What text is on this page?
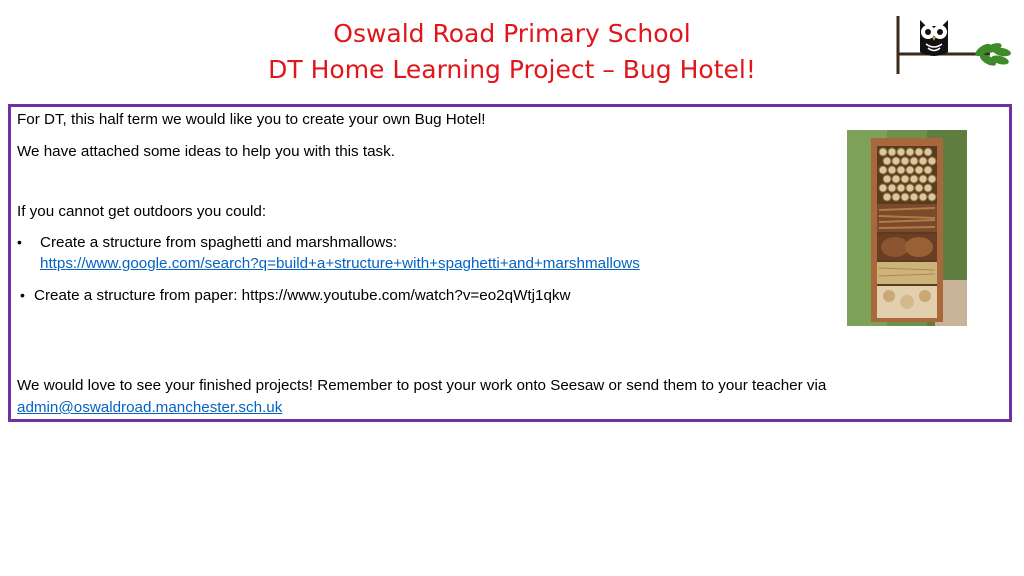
Oswald Road Primary School
DT Home Learning Project – Bug Hotel!
For DT, this half term we would like you to create your own Bug Hotel!
We have attached some ideas to help you with this task.
If you cannot get outdoors you could:
• Create a structure from spaghetti and marshmallows:
https://www.google.com/search?q=build+a+structure+with+spaghetti+and+marshmallows
• Create a structure from paper: https://www.youtube.com/watch?v=eo2qWtj1qkw
We would love to see your finished projects! Remember to post your work onto Seesaw or send them to your teacher via
admin@oswaldroad.manchester.sch.uk
